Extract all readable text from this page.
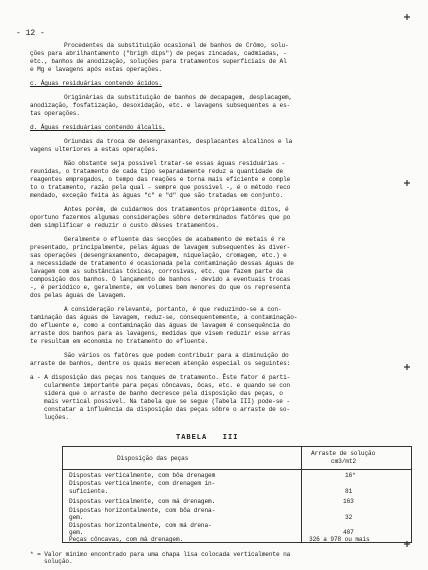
- 12 -
Procedentes da substituição ocasional de banhos de Crômo, solu-
ções para abrilhantamento ("brigh dips") de peças zincadas, cadmiadas, -
etc., banhos de anodização, soluções para tratamentos superficiais de Al
e Mg e lavagens após estas operações.
c. Águas residuárias contendo ácidos.
Originárias da substituição de banhos de decapagem, desplacagem,
anodização, fosfatização, desoxidação, etc. e lavagens subsequentes a es-
tas operações.
d. Águas residuárias contendo álcalis.
Oriundas da troca de desengraxantes, desplacantes alcalinos e la
vagens ulteriores a estas operações.
Não obstante seja possível tratar-se essas águas residuárias -
reunidas, o tratamento de cada tipo separadamente reduz a quantidade de
reagentes empregados, o tempo das reações e torna mais eficiente e comple
to o tratamento, razão pela qual - sempre que possível -, é o método reco
mendado, exceção feita às águas "c" e "d" que são tratadas em conjunto.
Antes porém, de cuidarmos dos tratamentos pròpriamente ditos, é
oportuno fazermos algumas considerações sôbre determinados fatôres que po
dem simplificar e reduzir o custo dêsses tratamentos.
Geralmente o efluente das secções de acabamento de metais é re
presentado, principalmente, pelas águas de lavagem subsequentes às diver-
sas operações (desengraxamento, decapagem, niquelação, cromagem, etc.) e
a necessidade de tratamento é ocasionada pela contaminação dessas águas de
lavagem com as substâncias tóxicas, corrosivas, etc. que fazem parte da
composição dos banhos. O lançamento de banhos - devido a eventuais trocas
-, é periódico e, geralmente, em volumes bem menores do que os representa
dos pelas águas de lavagem.
A consideração relevante, portanto, é que reduzindo-se a con-
taminação das águas de lavagem, reduz-se, consequentemente, a contaminação-
do efluente e, como a contaminação das águas de lavagem é consequência do
arraste dos banhos para as lavagens, medidas que visem reduzir esse arras
te resultam em economia no tratamento do efluente.
São vários os fatôres que podem contribuir para a diminuição do
arraste de banhos, dentre os quais merecem atenção especial os seguintes:
a - A disposição das peças nos tanques de tratamento. Êste fator é parti-
cularmente importante para peças côncavas, ôcas, etc. e quando se con
sidera que o arraste de banho decresce pela disposição das peças, o
mais vertical possível. Na tabela que se segue (Tabela III) pode-se -
constatar a influência da disposição das peças sôbre o arraste de so-
luções.
TABELA   III
Disposição das peças
Arraste de solução
cm3/mt2
Dispostas verticalmente, com bôa drenagem	16*
Dispostas verticalmente, com drenagem in-
suficiente.	81
Dispostas verticalmente, com má drenagem.	163
Dispostas horizontalmente, com bôa drena-
gem.	32
Dispostas horizontalmente, com má drena-
gem.	407
Peças côncavas, com má drenagem.	326 a 978 ou mais
* = Valor mínimo encontrado para uma chapa lisa colocada verticalmente na
solução.
